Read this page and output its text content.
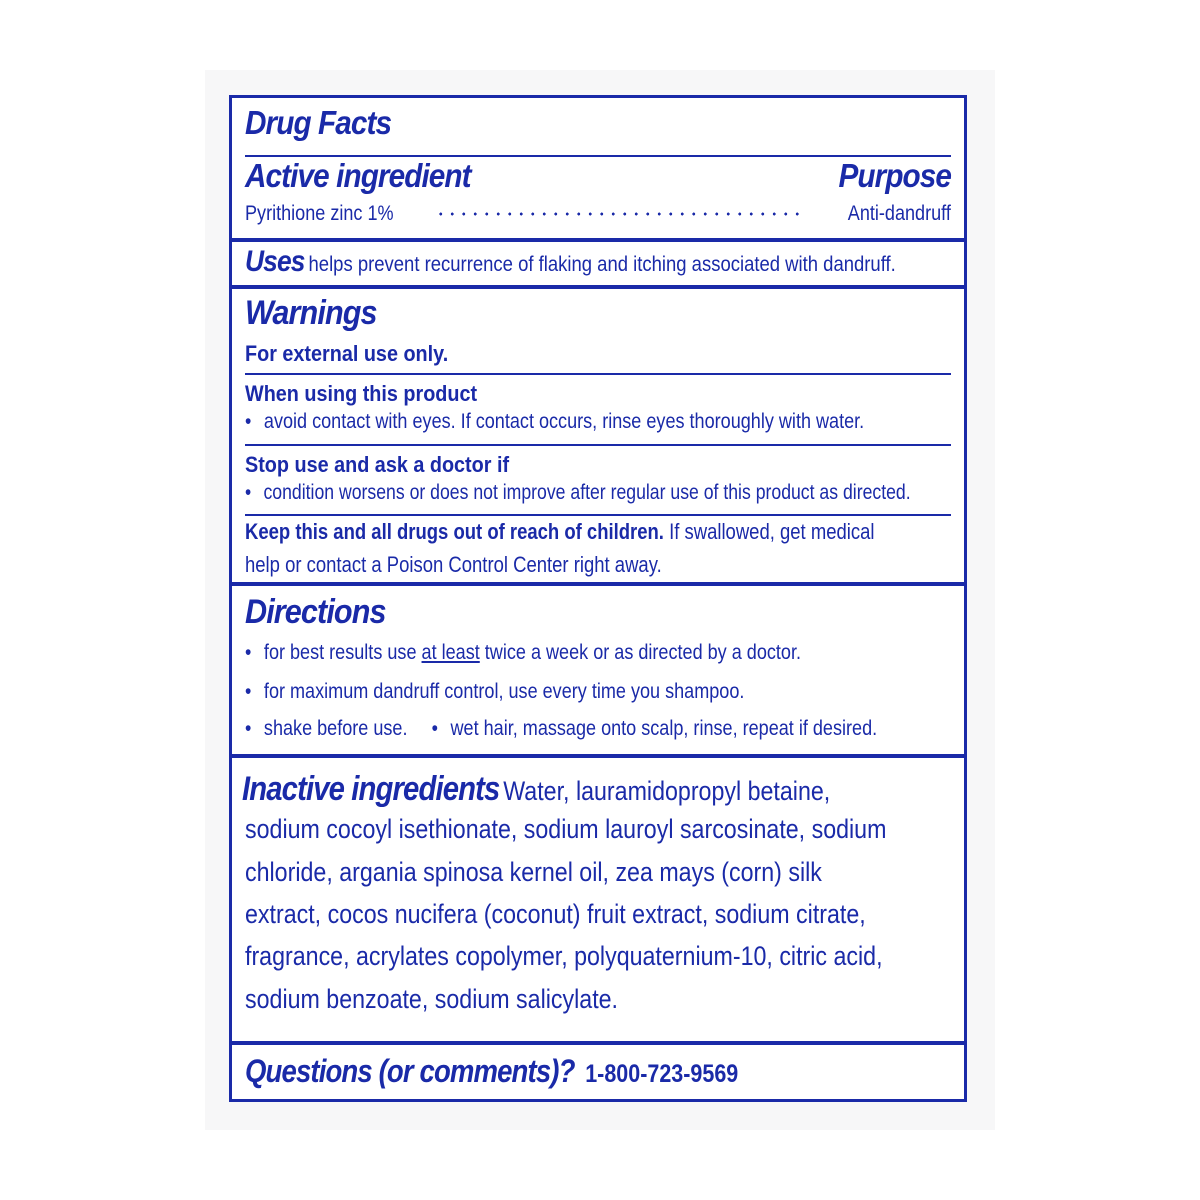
Drug Facts
Active ingredient	Purpose
Pyrithione zinc 1%	Anti-dandruff
Uses helps prevent recurrence of flaking and itching associated with dandruff.
Warnings
For external use only.
When using this product
• avoid contact with eyes. If contact occurs, rinse eyes thoroughly with water.
Stop use and ask a doctor if
• condition worsens or does not improve after regular use of this product as directed.
Keep this and all drugs out of reach of children. If swallowed, get medical
help or contact a Poison Control Center right away.
Directions
• for best results use at least twice a week or as directed by a doctor.
• for maximum dandruff control, use every time you shampoo.
• shake before use. • wet hair, massage onto scalp, rinse, repeat if desired.
Inactive ingredients Water, lauramidopropyl betaine,
sodium cocoyl isethionate, sodium lauroyl sarcosinate, sodium
chloride, argania spinosa kernel oil, zea mays (corn) silk
extract, cocos nucifera (coconut) fruit extract, sodium citrate,
fragrance, acrylates copolymer, polyquaternium-10, citric acid,
sodium benzoate, sodium salicylate.
Questions (or comments)? 1-800-723-9569
